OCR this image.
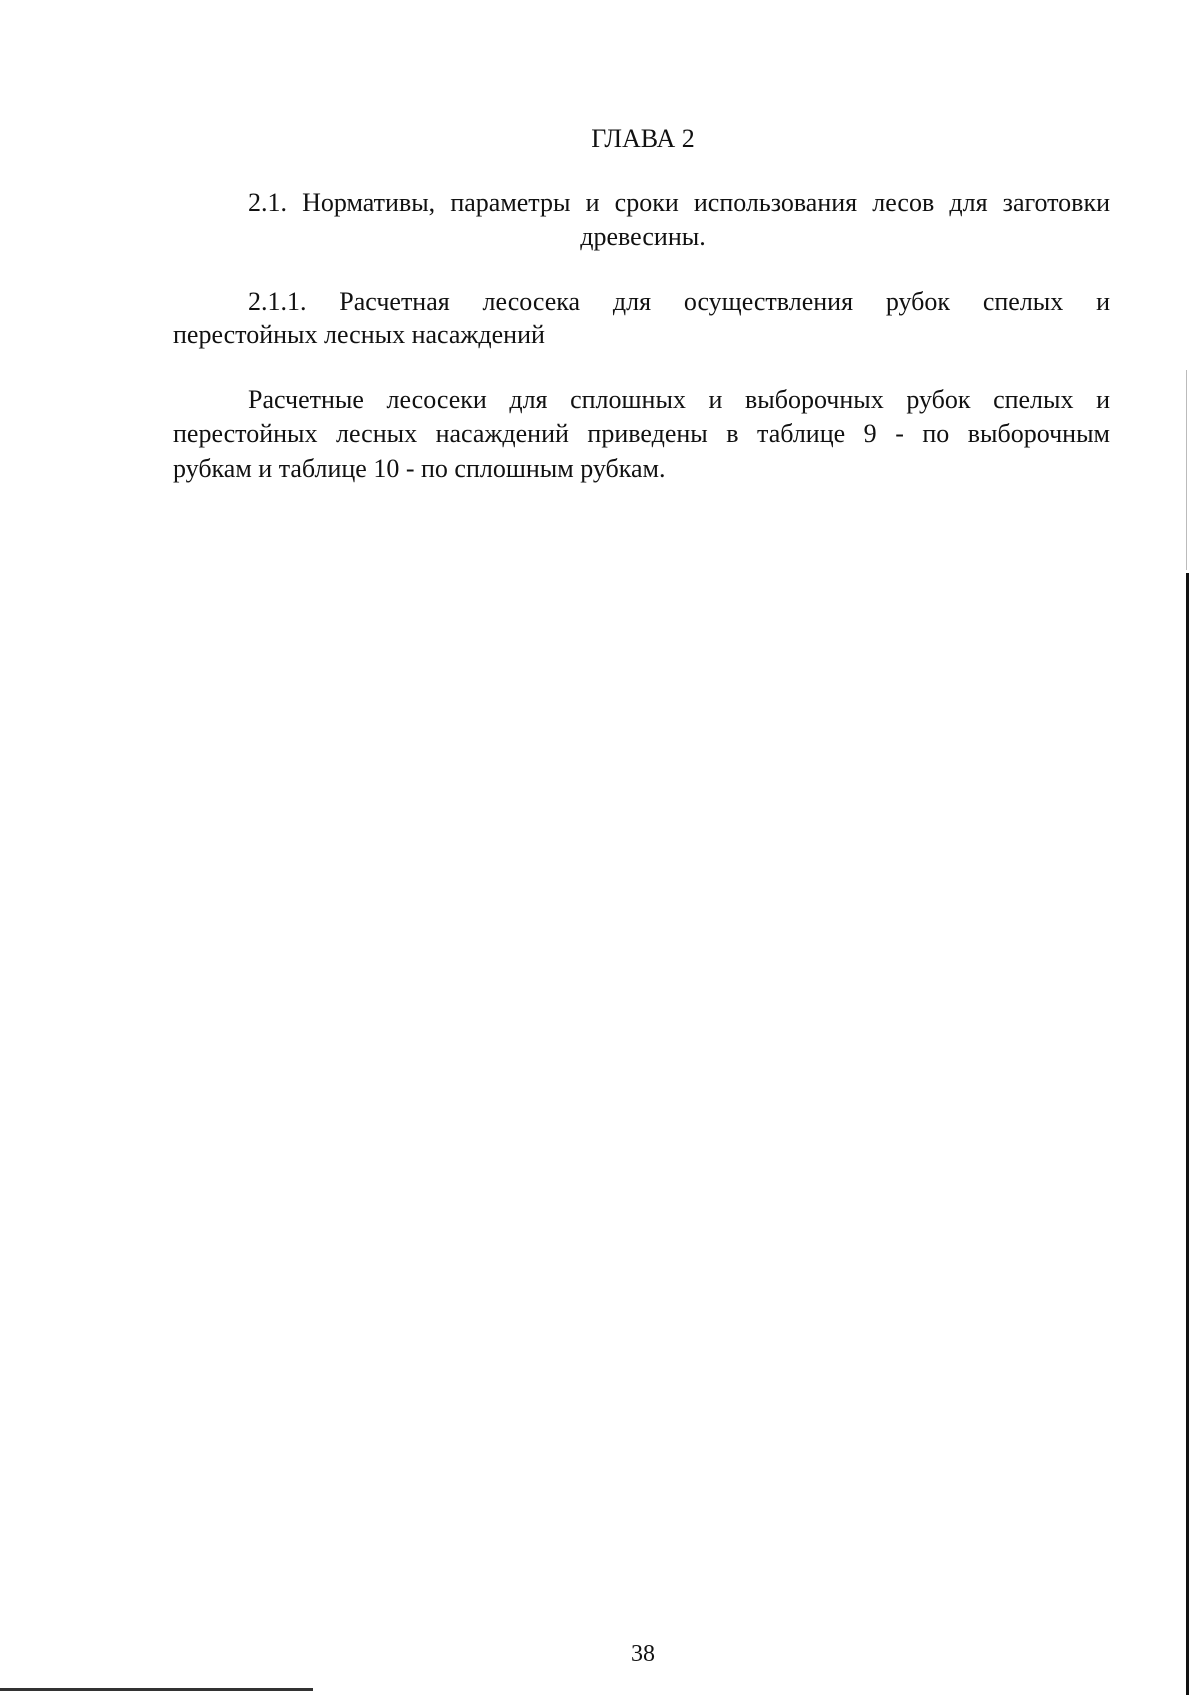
ГЛАВА 2
2.1. Нормативы, параметры и сроки использования лесов для заготовки
древесины.
2.1.1. Расчетная лесосека для осуществления рубок спелых и
перестойных лесных насаждений
Расчетные лесосеки для сплошных и выборочных рубок спелых и
перестойных лесных насаждений приведены в таблице 9 - по выборочным
рубкам и таблице 10 - по сплошным рубкам.
38
